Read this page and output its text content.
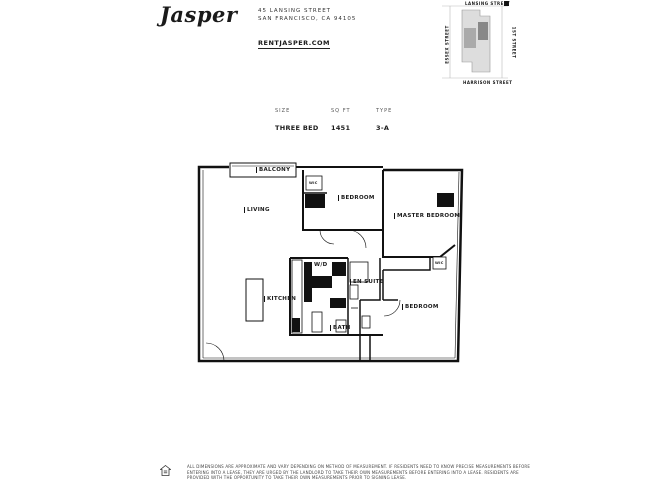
Jasper	45 LANSING STREET
SAN FRANCISCO, CA 94105
RENTJASPER.COM
LANSING STREET
HARRISON STREET
ESSEX STREET	1ST STREET
SIZE	SQ FT	TYPE
THREE BED 1451	3-A
WIC
WIC
BALCONY
LIVING
BEDROOM
MASTER BEDROOM
W/D
EN SUITE
KITCHEN
BATH
BEDROOM
ALL DIMENSIONS ARE APPROXIMATE AND VARY DEPENDING ON METHOD OF MEASUREMENT. IF RESIDENTS NEED TO KNOW PRECISE MEASUREMENTS BEFORE ENTERING INTO A LEASE, THEY ARE URGED BY THE LANDLORD TO TAKE THEIR OWN MEASUREMENTS BEFORE ENTERING INTO A LEASE. RESIDENTS ARE PROVIDED WITH THE OPPORTUNITY TO TAKE THEIR OWN MEASUREMENTS PRIOR TO SIGNING LEASE.
